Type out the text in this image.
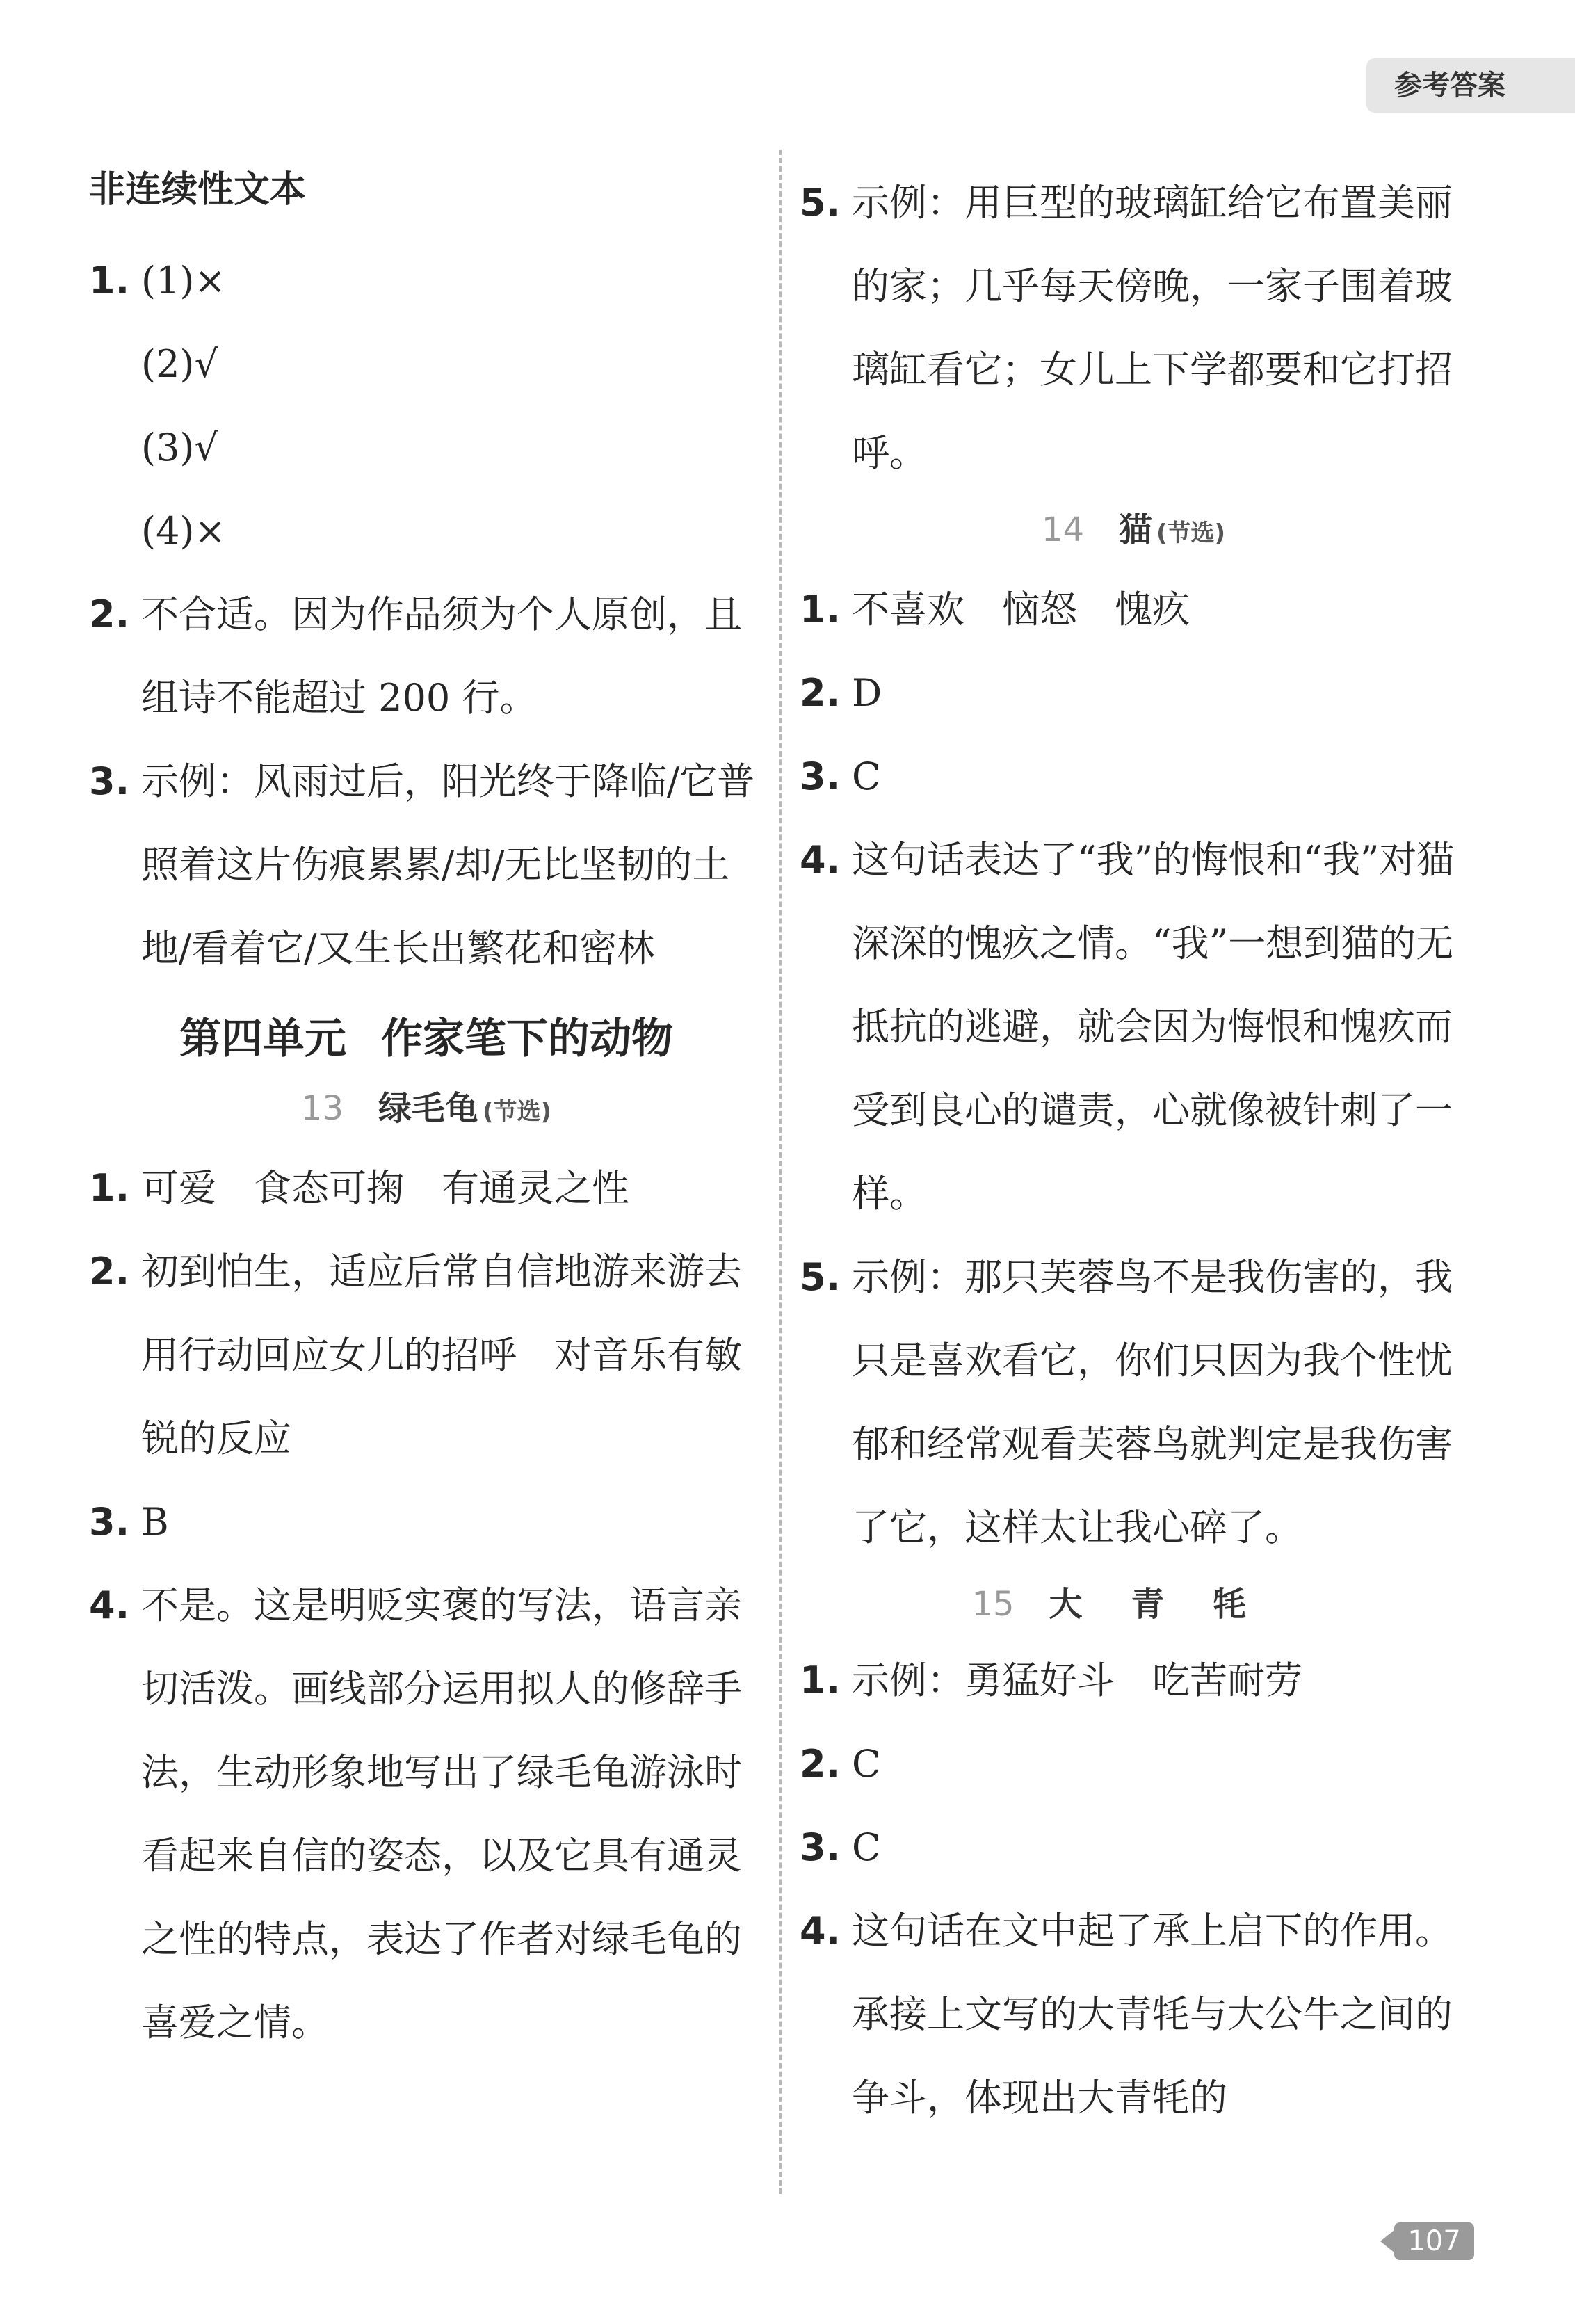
参考答案
非连续性文本
1. (1)×
(2)√
(3)√
(4)×
2. 不合适。因为作品须为个人原创，且组诗不能超过 200 行。
3. 示例：风雨过后，阳光终于降临/它普照着这片伤痕累累/却/无比坚韧的土地/看着它/又生长出繁花和密林
第四单元 作家笔下的动物
13 绿毛龟 (节选)
1. 可爱　食态可掬　有通灵之性
2. 初到怕生，适应后常自信地游来游去　用行动回应女儿的招呼　对音乐有敏锐的反应
3. B
4. 不是。这是明贬实褒的写法，语言亲切活泼。画线部分运用拟人的修辞手法，生动形象地写出了绿毛龟游泳时看起来自信的姿态，以及它具有通灵之性的特点，表达了作者对绿毛龟的喜爱之情。
5. 示例：用巨型的玻璃缸给它布置美丽的家；几乎每天傍晚，一家子围着玻璃缸看它；女儿上下学都要和它打招呼。
14 猫 (节选)
1. 不喜欢　恼怒　愧疚
2. D
3. C
4. 这句话表达了“我”的悔恨和“我”对猫深深的愧疚之情。“我”一想到猫的无抵抗的逃避，就会因为悔恨和愧疚而受到良心的谴责，心就像被针刺了一样。
5. 示例：那只芙蓉鸟不是我伤害的，我只是喜欢看它，你们只因为我个性忧郁和经常观看芙蓉鸟就判定是我伤害了它，这样太让我心碎了。
15 大青牦
1. 示例：勇猛好斗　吃苦耐劳
2. C
3. C
4. 这句话在文中起了承上启下的作用。承接上文写的大青牦与大公牛之间的争斗，体现出大青牦的
107
